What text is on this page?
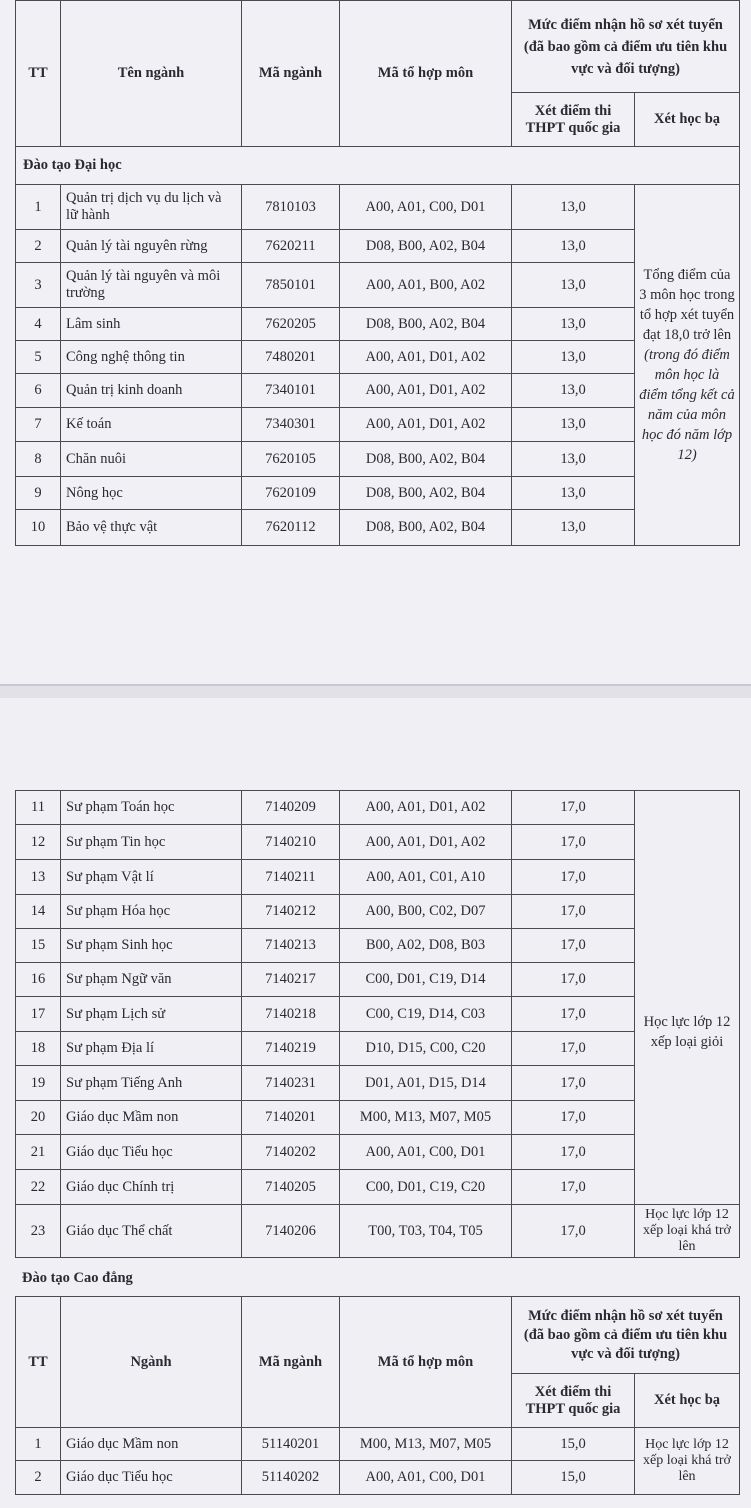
TT	Tên ngành	Mã ngành	Mã tổ hợp môn	Mức điểm nhận hồ sơ xét tuyển (đã bao gồm cả điểm ưu tiên khu vực và đối tượng)	
				Xét điểm thi THPT quốc gia	Xét học bạ
Đào tạo Đại học					
1	Quản trị dịch vụ du lịch và lữ hành	7810103	A00, A01, C00, D01	13,0	Tổng điểm của 3 môn học trong tổ hợp xét tuyển đạt 18,0 trở lên (trong đó điểm môn học là điểm tổng kết cả năm của môn học đó năm lớp 12)
2	Quản lý tài nguyên rừng	7620211	D08, B00, A02, B04	13,0	
3	Quản lý tài nguyên và môi trường	7850101	A00, A01, B00, A02	13,0	
4	Lâm sinh	7620205	D08, B00, A02, B04	13,0	
5	Công nghệ thông tin	7480201	A00, A01, D01, A02	13,0	
6	Quản trị kinh doanh	7340101	A00, A01, D01, A02	13,0	
7	Kế toán	7340301	A00, A01, D01, A02	13,0	
8	Chăn nuôi	7620105	D08, B00, A02, B04	13,0	
9	Nông học	7620109	D08, B00, A02, B04	13,0	
10	Bảo vệ thực vật	7620112	D08, B00, A02, B04	13,0	
11	Sư phạm Toán học	7140209	A00, A01, D01, A02	17,0	Học lực lớp 12 xếp loại giỏi
12	Sư phạm Tin học	7140210	A00, A01, D01, A02	17,0	
13	Sư phạm Vật lí	7140211	A00, A01, C01, A10	17,0	
14	Sư phạm Hóa học	7140212	A00, B00, C02, D07	17,0	
15	Sư phạm Sinh học	7140213	B00, A02, D08, B03	17,0	
16	Sư phạm Ngữ văn	7140217	C00, D01, C19, D14	17,0	
17	Sư phạm Lịch sử	7140218	C00, C19, D14, C03	17,0	
18	Sư phạm Địa lí	7140219	D10, D15, C00, C20	17,0	
19	Sư phạm Tiếng Anh	7140231	D01, A01, D15, D14	17,0	
20	Giáo dục Mầm non	7140201	M00, M13, M07, M05	17,0	
21	Giáo dục Tiểu học	7140202	A00, A01, C00, D01	17,0	
22	Giáo dục Chính trị	7140205	C00, D01, C19, C20	17,0	
23	Giáo dục Thể chất	7140206	T00, T03, T04, T05	17,0	Học lực lớp 12 xếp loại khá trở lên
Đào tạo Cao đẳng
TT	Ngành	Mã ngành	Mã tổ hợp môn	Mức điểm nhận hồ sơ xét tuyển (đã bao gồm cả điểm ưu tiên khu vực và đối tượng)	
				Xét điểm thi THPT quốc gia	Xét học bạ
1	Giáo dục Mầm non	51140201	M00, M13, M07, M05	15,0	Học lực lớp 12 xếp loại khá trở lên
2	Giáo dục Tiểu học	51140202	A00, A01, C00, D01	15,0	
